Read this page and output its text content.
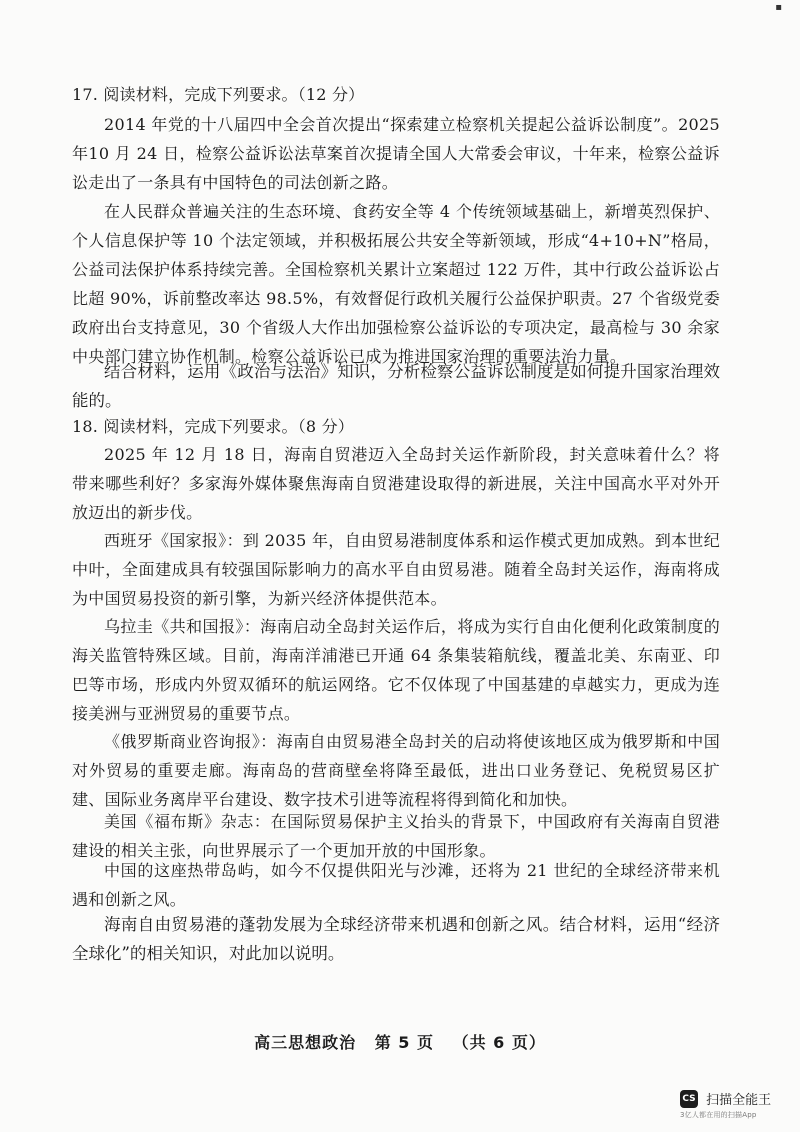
▪
17. 阅读材料，完成下列要求。（12 分）
2014 年党的十八届四中全会首次提出“探索建立检察机关提起公益诉讼制度”。2025 年10 月 24 日，检察公益诉讼法草案首次提请全国人大常委会审议，十年来，检察公益诉讼走出了一条具有中国特色的司法创新之路。
在人民群众普遍关注的生态环境、食药安全等 4 个传统领域基础上，新增英烈保护、个人信息保护等 10 个法定领域，并积极拓展公共安全等新领域，形成“4+10+N”格局，公益司法保护体系持续完善。全国检察机关累计立案超过 122 万件，其中行政公益诉讼占比超 90%，诉前整改率达 98.5%，有效督促行政机关履行公益保护职责。27 个省级党委政府出台支持意见，30 个省级人大作出加强检察公益诉讼的专项决定，最高检与 30 余家中央部门建立协作机制。检察公益诉讼已成为推进国家治理的重要法治力量。
结合材料，运用《政治与法治》知识，分析检察公益诉讼制度是如何提升国家治理效能的。
18. 阅读材料，完成下列要求。（8 分）
2025 年 12 月 18 日，海南自贸港迈入全岛封关运作新阶段，封关意味着什么？将带来哪些利好？多家海外媒体聚焦海南自贸港建设取得的新进展，关注中国高水平对外开放迈出的新步伐。
西班牙《国家报》：到 2035 年，自由贸易港制度体系和运作模式更加成熟。到本世纪中叶，全面建成具有较强国际影响力的高水平自由贸易港。随着全岛封关运作，海南将成为中国贸易投资的新引擎，为新兴经济体提供范本。
乌拉圭《共和国报》：海南启动全岛封关运作后，将成为实行自由化便利化政策制度的海关监管特殊区域。目前，海南洋浦港已开通 64 条集装箱航线，覆盖北美、东南亚、印巴等市场，形成内外贸双循环的航运网络。它不仅体现了中国基建的卓越实力，更成为连接美洲与亚洲贸易的重要节点。
《俄罗斯商业咨询报》：海南自由贸易港全岛封关的启动将使该地区成为俄罗斯和中国对外贸易的重要走廊。海南岛的营商壁垒将降至最低，进出口业务登记、免税贸易区扩建、国际业务离岸平台建设、数字技术引进等流程将得到简化和加快。
美国《福布斯》杂志：在国际贸易保护主义抬头的背景下，中国政府有关海南自贸港建设的相关主张，向世界展示了一个更加开放的中国形象。
中国的这座热带岛屿，如今不仅提供阳光与沙滩，还将为 21 世纪的全球经济带来机遇和创新之风。
海南自由贸易港的蓬勃发展为全球经济带来机遇和创新之风。结合材料，运用“经济全球化”的相关知识，对此加以说明。
高三思想政治 第 5 页 （共 6 页）
CS 扫描全能王
3亿人都在用的扫描App
